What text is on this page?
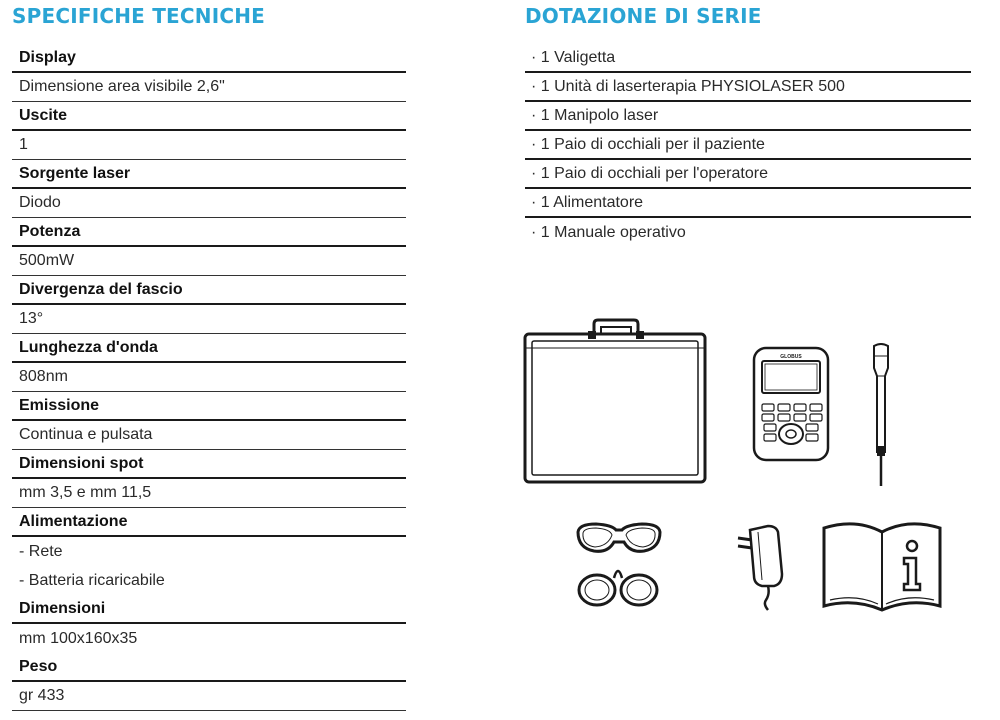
SPECIFICHE TECNICHE	DOTAZIONE DI SERIE
Display
Dimensione area visibile 2,6"
Uscite
1
Sorgente laser
Diodo
Potenza
500mW
Divergenza del fascio
13°
Lunghezza d'onda
808nm
Emissione
Continua e pulsata
Dimensioni spot
mm 3,5 e mm 11,5
Alimentazione
- Rete
- Batteria ricaricabile
Dimensioni
mm 100x160x35
Peso
gr 433
· 1 Valigetta
· 1 Unità di laserterapia PHYSIOLASER 500
· 1 Manipolo laser
· 1 Paio di occhiali per il paziente
· 1 Paio di occhiali per l'operatore
· 1 Alimentatore
· 1 Manuale operativo
GLOBUS
